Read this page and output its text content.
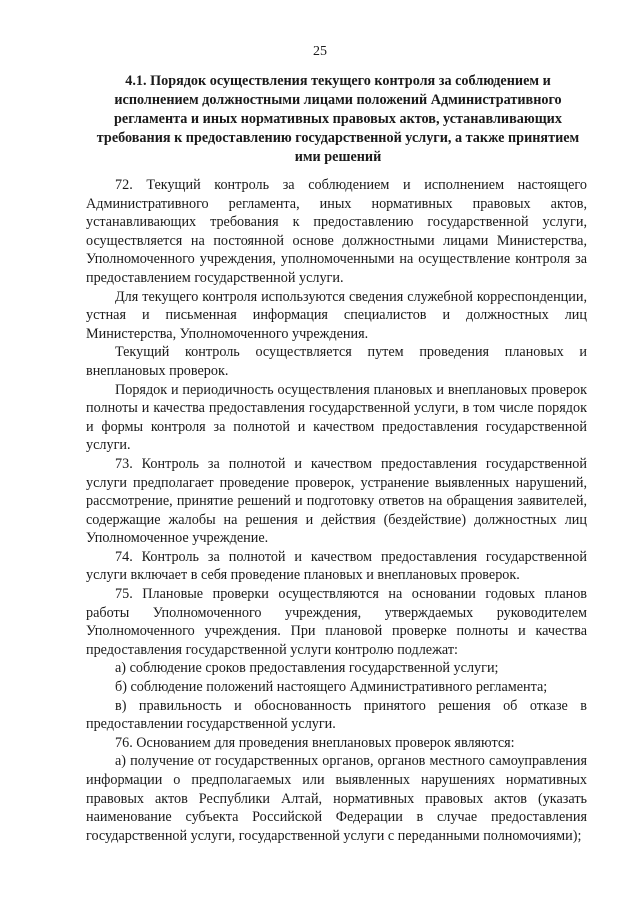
25
4.1. Порядок осуществления текущего контроля за соблюдением и исполнением должностными лицами положений Административного регламента и иных нормативных правовых актов, устанавливающих требования к предоставлению государственной услуги, а также принятием ими решений

72. Текущий контроль за соблюдением и исполнением настоящего Административного регламента, иных нормативных правовых актов, устанавливающих требования к предоставлению государственной услуги, осуществляется на постоянной основе должностными лицами Министерства, Уполномоченного учреждения, уполномоченными на осуществление контроля за предоставлением государственной услуги.

Для текущего контроля используются сведения служебной корреспонденции, устная и письменная информация специалистов и должностных лиц Министерства, Уполномоченного учреждения.

Текущий контроль осуществляется путем проведения плановых и внеплановых проверок.

Порядок и периодичность осуществления плановых и внеплановых проверок полноты и качества предоставления государственной услуги, в том числе порядок и формы контроля за полнотой и качеством предоставления государственной услуги.

73. Контроль за полнотой и качеством предоставления государственной услуги предполагает проведение проверок, устранение выявленных нарушений, рассмотрение, принятие решений и подготовку ответов на обращения заявителей, содержащие жалобы на решения и действия (бездействие) должностных лиц Уполномоченное учреждение.

74. Контроль за полнотой и качеством предоставления государственной услуги включает в себя проведение плановых и внеплановых проверок.

75. Плановые проверки осуществляются на основании годовых планов работы Уполномоченного учреждения, утверждаемых руководителем Уполномоченного учреждения. При плановой проверке полноты и качества предоставления государственной услуги контролю подлежат:

а) соблюдение сроков предоставления государственной услуги;

б) соблюдение положений настоящего Административного регламента;

в) правильность и обоснованность принятого решения об отказе в предоставлении государственной услуги.

76. Основанием для проведения внеплановых проверок являются:

а) получение от государственных органов, органов местного самоуправления информации о предполагаемых или выявленных нарушениях нормативных правовых актов Республики Алтай, нормативных правовых актов (указать наименование субъекта Российской Федерации в случае предоставления государственной услуги, государственной услуги с переданными полномочиями);
